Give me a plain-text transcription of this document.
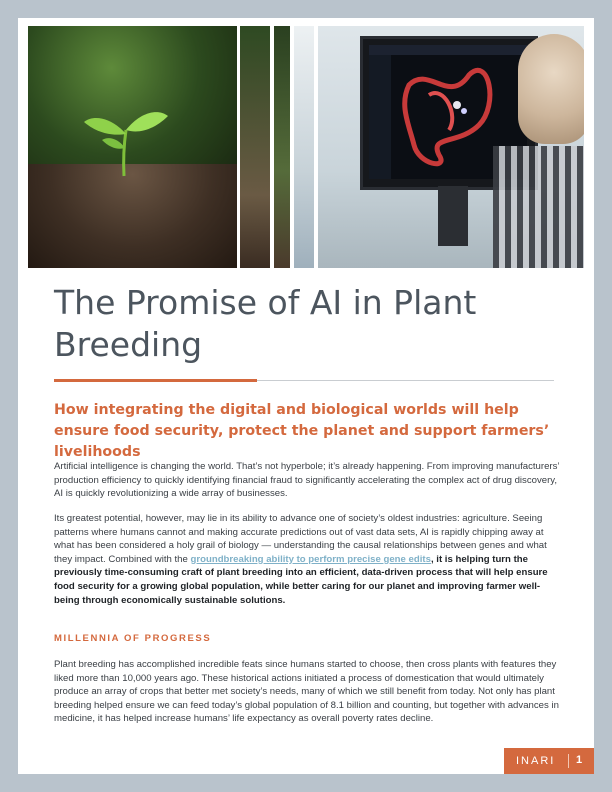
The Promise of AI in Plant Breeding
How integrating the digital and biological worlds will help ensure food security, protect the planet and support farmers’ livelihoods

Artificial intelligence is changing the world. That’s not hyperbole; it’s already happening. From improving manufacturers’ production efficiency to quickly identifying financial fraud to significantly accelerating the complex act of drug discovery, AI is quickly revolutionizing a wide array of businesses.

Its greatest potential, however, may lie in its ability to advance one of society’s oldest industries: agriculture. Seeing patterns where humans cannot and making accurate predictions out of vast data sets, AI is rapidly chipping away at what has been considered a holy grail of biology — understanding the causal relationships between genes and what they impact. Combined with the groundbreaking ability to perform precise gene edits, it is helping turn the previously time-consuming craft of plant breeding into an efficient, data-driven process that will help ensure food security for a growing global population, while better caring for our planet and improving farmer well-being through economically sustainable solutions.

MILLENNIA OF PROGRESS

Plant breeding has accomplished incredible feats since humans started to choose, then cross plants with features they liked more than 10,000 years ago. These historical actions initiated a process of domestication that would ultimately produce an array of crops that better met society’s needs, many of which we still benefit from today. Not only has plant breeding helped ensure we can feed today’s global population of 8.1 billion and counting, but together with advances in medicine, it has helped increase humans’ life expectancy as overall poverty rates decline.

INARI 1
